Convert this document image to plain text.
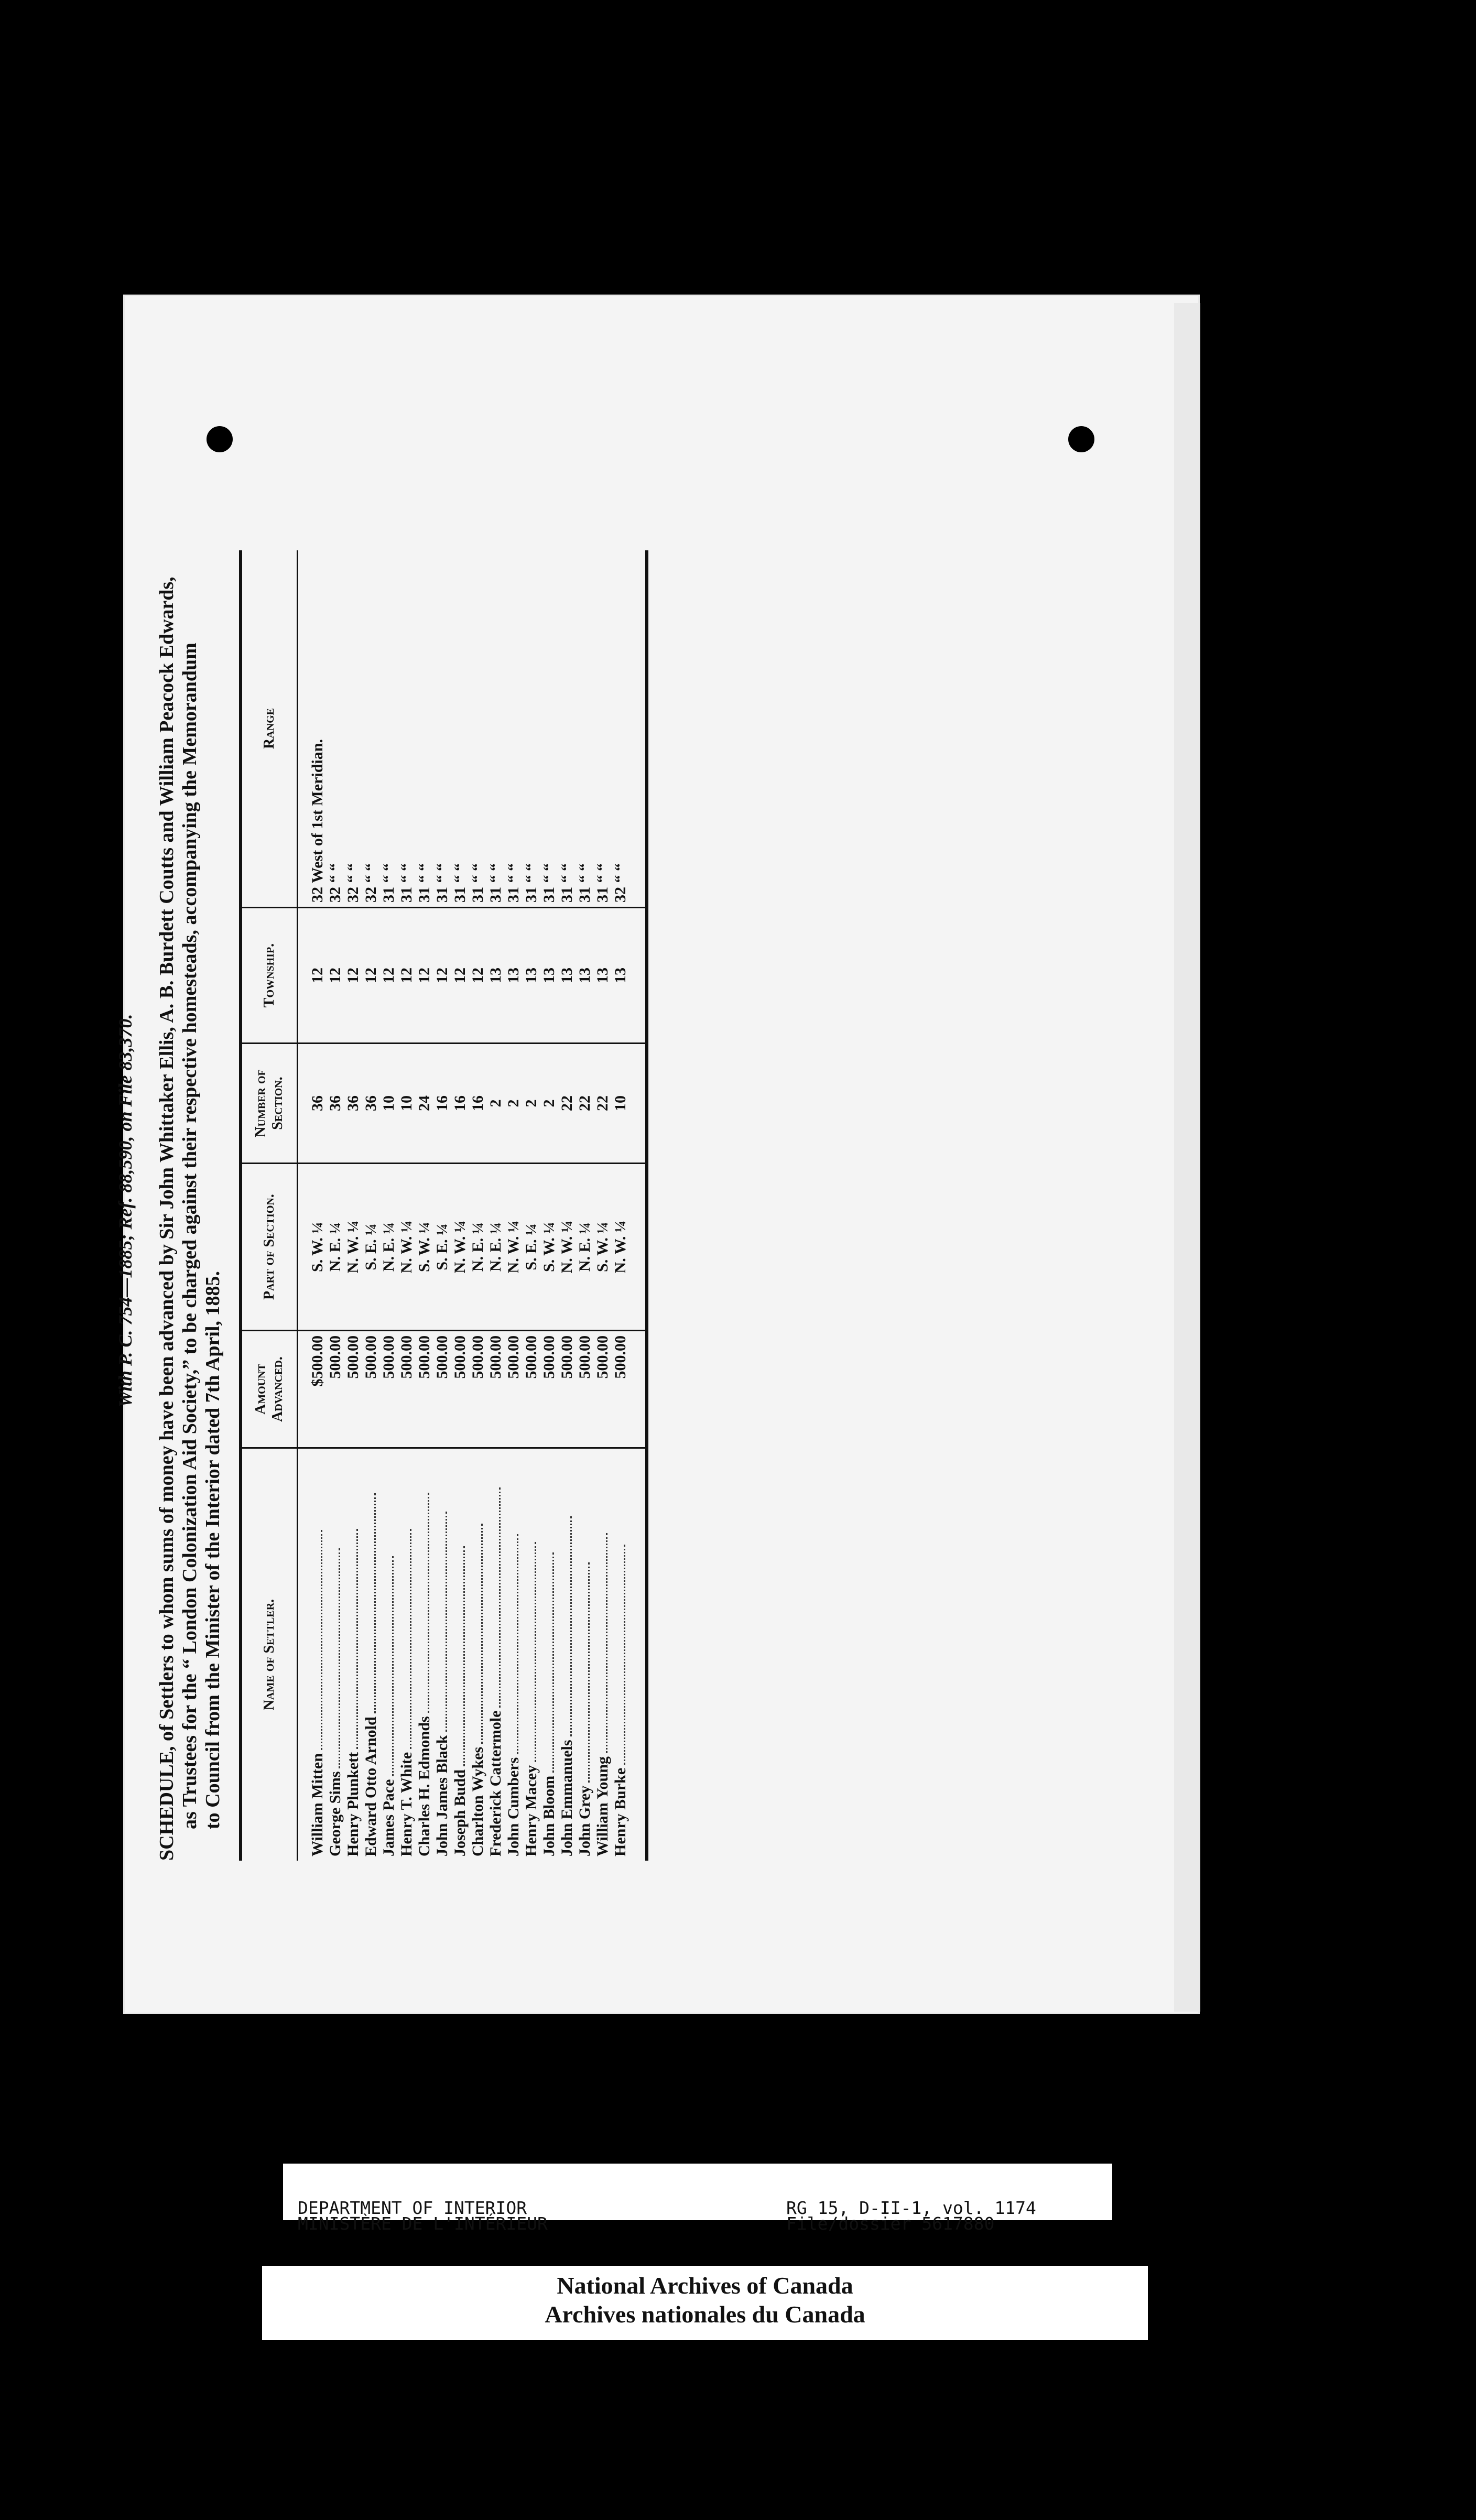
With P. C. 754—1885; Ref. 88,590, on File 83,370. SCHEDULE, of Settlers to whom sums of money have been advanced by Sir John Whittaker Ellis, A. B. Burdett Coutts and William Peacock Edwards, as Trustees for the “ London Colonization Aid Society,” to be charged against their respective homesteads, accompanying the Memorandum to Council from the Minister of the Interior dated 7th April, 1885.	Name of Settler.	Amount Advanced.	Part of Section.	Number of Section.	Township.	Range
William Mitten	$500.00	S. W. ¼	36	12	32 West of 1st Meridian.
George Sims	500.00	N. E. ¼	36	12	32 “ “
Henry Plunkett	500.00	N. W. ¼	36	12	32 “ “
Edward Otto Arnold	500.00	S. E. ¼	36	12	32 “ “
James Pace	500.00	N. E. ¼	10	12	31 “ “
Henry T. White	500.00	N. W. ¼	10	12	31 “ “
Charles H. Edmonds	500.00	S. W. ¼	24	12	31 “ “
John James Black	500.00	S. E. ¼	16	12	31 “ “
Joseph Budd	500.00	N. W. ¼	16	12	31 “ “
Charlton Wykes	500.00	N. E. ¼	16	12	31 “ “
Frederick Cattermole	500.00	N. E. ¼	2	13	31 “ “
John Cumbers	500.00	N. W. ¼	2	13	31 “ “
Henry Macey	500.00	S. E. ¼	2	13	31 “ “
John Bloom	500.00	S. W. ¼	2	13	31 “ “
John Emmanuels	500.00	N. W. ¼	22	13	31 “ “
John Grey	500.00	N. E. ¼	22	13	31 “ “
William Young	500.00	S. W. ¼	22	13	31 “ “
Henry Burke	500.00	N. W. ¼	10	13	32 “ “
DEPARTMENT OF INTERIOR
MINISTÈRE DE L'INTÉRIEUR
RG 15, D-II-1, vol. 1174
File/dossier 5617880
National Archives of Canada
Archives nationales du Canada
